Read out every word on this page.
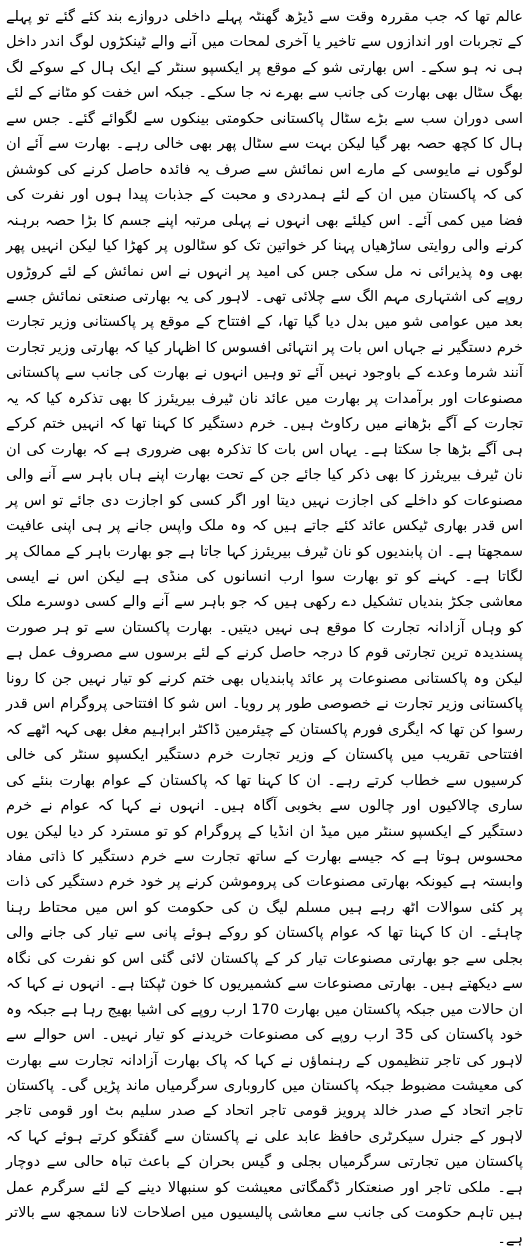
عالم تھا کہ جب مقررہ وقت سے ڈیڑھ گھنٹہ پہلے داخلی دروازے بند کئے گئے تو پہلے کے تجربات اور اندازوں سے تاخیر یا آخری لمحات میں آنے والے ٹینکڑوں لوگ اندر داخل ہی نہ ہو سکے۔ اس بھارتی شو کے موقع پر ایکسپو سنٹر کے ایک ہال کے سوکے لگ بھگ سٹال بھی بھارت کی جانب سے بھرے نہ جا سکے۔ جبکہ اس خفت کو مٹانے کے لئے اسی دوران سب سے بڑے سٹال پاکستانی حکومتی بینکوں سے لگوائے گئے۔ جس سے ہال کا کچھ حصہ بھر گیا لیکن بہت سے سٹال پھر بھی خالی رہے۔ بھارت سے آئے ان لوگوں نے مایوسی کے مارے اس نمائش سے صرف یہ فائدہ حاصل کرنے کی کوشش کی کہ پاکستان میں ان کے لئے ہمدردی و محبت کے جذبات پیدا ہوں اور نفرت کی فضا میں کمی آئے۔ اس کیلئے بھی انہوں نے پہلی مرتبہ اپنے جسم کا بڑا حصہ برہنہ کرنے والی روایتی ساڑھیاں پہنا کر خواتین تک کو سٹالوں پر کھڑا کیا لیکن انہیں پھر بھی وہ پذیرائی نہ مل سکی جس کی امید پر انہوں نے اس نمائش کے لئے کروڑوں روپے کی اشتہاری مہم الگ سے چلائی تھی۔ لاہور کی یہ بھارتی صنعتی نمائش جسے بعد میں عوامی شو میں بدل دیا گیا تھا، کے افتتاح کے موقع پر پاکستانی وزیر تجارت خرم دستگیر نے جہاں اس بات پر انتہائی افسوس کا اظہار کیا کہ بھارتی وزیر تجارت آنند شرما وعدے کے باوجود نہیں آئے تو وہیں انہوں نے بھارت کی جانب سے پاکستانی مصنوعات اور برآمدات پر بھارت میں عائد نان ٹیرف بیریئرز کا بھی تذکرہ کیا کہ یہ تجارت کے آگے بڑھانے میں رکاوٹ ہیں۔ خرم دستگیر کا کہنا تھا کہ انہیں ختم کرکے ہی آگے بڑھا جا سکتا ہے۔ یہاں اس بات کا تذکرہ بھی ضروری ہے کہ بھارت کی ان نان ٹیرف بیریئرز کا بھی ذکر کیا جائے جن کے تحت بھارت اپنے ہاں باہر سے آنے والی مصنوعات کو داخلے کی اجازت نہیں دیتا اور اگر کسی کو اجازت دی جائے تو اس پر اس قدر بھاری ٹیکس عائد کئے جاتے ہیں کہ وہ ملک واپس جانے پر ہی اپنی عافیت سمجھتا ہے۔ ان پابندیوں کو نان ٹیرف بیریئرز کہا جاتا ہے جو بھارت باہر کے ممالک پر لگاتا ہے۔ کہنے کو تو بھارت سوا ارب انسانوں کی منڈی ہے لیکن اس نے ایسی معاشی جکڑ بندیاں تشکیل دے رکھی ہیں کہ جو باہر سے آنے والے کسی دوسرے ملک کو وہاں آزادانہ تجارت کا موقع ہی نہیں دیتیں۔ بھارت پاکستان سے تو ہر صورت پسندیدہ ترین تجارتی قوم کا درجہ حاصل کرنے کے لئے برسوں سے مصروف عمل ہے لیکن وہ پاکستانی مصنوعات پر عائد پابندیاں بھی ختم کرنے کو تیار نہیں جن کا رونا پاکستانی وزیر تجارت نے خصوصی طور پر رویا۔ اس شو کا افتتاحی پروگرام اس قدر رسوا کن تھا کہ ایگری فورم پاکستان کے چیئرمین ڈاکٹر ابراہیم مغل بھی کہہ اٹھے کہ افتتاحی تقریب میں پاکستان کے وزیر تجارت خرم دستگیر ایکسپو سنٹر کی خالی کرسیوں سے خطاب کرتے رہے۔ ان کا کہنا تھا کہ پاکستان کے عوام بھارت بنئے کی ساری چالاکیوں اور چالوں سے بخوبی آگاہ ہیں۔ انہوں نے کہا کہ عوام نے خرم دستگیر کے ایکسپو سنٹر میں میڈ ان انڈیا کے پروگرام کو تو مسترد کر دیا لیکن یوں محسوس ہوتا ہے کہ جیسے بھارت کے ساتھ تجارت سے خرم دستگیر کا ذاتی مفاد وابستہ ہے کیونکہ بھارتی مصنوعات کی پروموشن کرنے پر خود خرم دستگیر کی ذات پر کئی سوالات اٹھ رہے ہیں مسلم لیگ ن کی حکومت کو اس میں محتاط رہنا چاہئے۔ ان کا کہنا تھا کہ عوام پاکستان کو روکے ہوئے پانی سے تیار کی جانے والی بجلی سے جو بھارتی مصنوعات تیار کر کے پاکستان لائی گئی اس کو نفرت کی نگاہ سے دیکھتے ہیں۔ بھارتی مصنوعات سے کشمیریوں کا خون ٹپکتا ہے۔ انہوں نے کہا کہ ان حالات میں جبکہ پاکستان میں بھارت 170 ارب روپے کی اشیا بھیج رہا ہے جبکہ وہ خود پاکستان کی 35 ارب روپے کی مصنوعات خریدنے کو تیار نہیں۔ اس حوالے سے لاہور کی تاجر تنظیموں کے رہنماؤں نے کہا کہ پاک بھارت آزادانہ تجارت سے بھارت کی معیشت مضبوط جبکہ پاکستان میں کاروباری سرگرمیاں ماند پڑیں گی۔ پاکستان تاجر اتحاد کے صدر خالد پرویز قومی تاجر اتحاد کے صدر سلیم بٹ اور قومی تاجر لاہور کے جنرل سیکرٹری حافظ عابد علی نے پاکستان سے گفتگو کرتے ہوئے کہا کہ پاکستان میں تجارتی سرگرمیاں بجلی و گیس بحران کے باعث تباہ حالی سے دوچار ہے۔ ملکی تاجر اور صنعتکار ڈگمگاتی معیشت کو سنبھالا دینے کے لئے سرگرم عمل ہیں تاہم حکومت کی جانب سے معاشی پالیسیوں میں اصلاحات لانا سمجھ سے بالاتر ہے۔
